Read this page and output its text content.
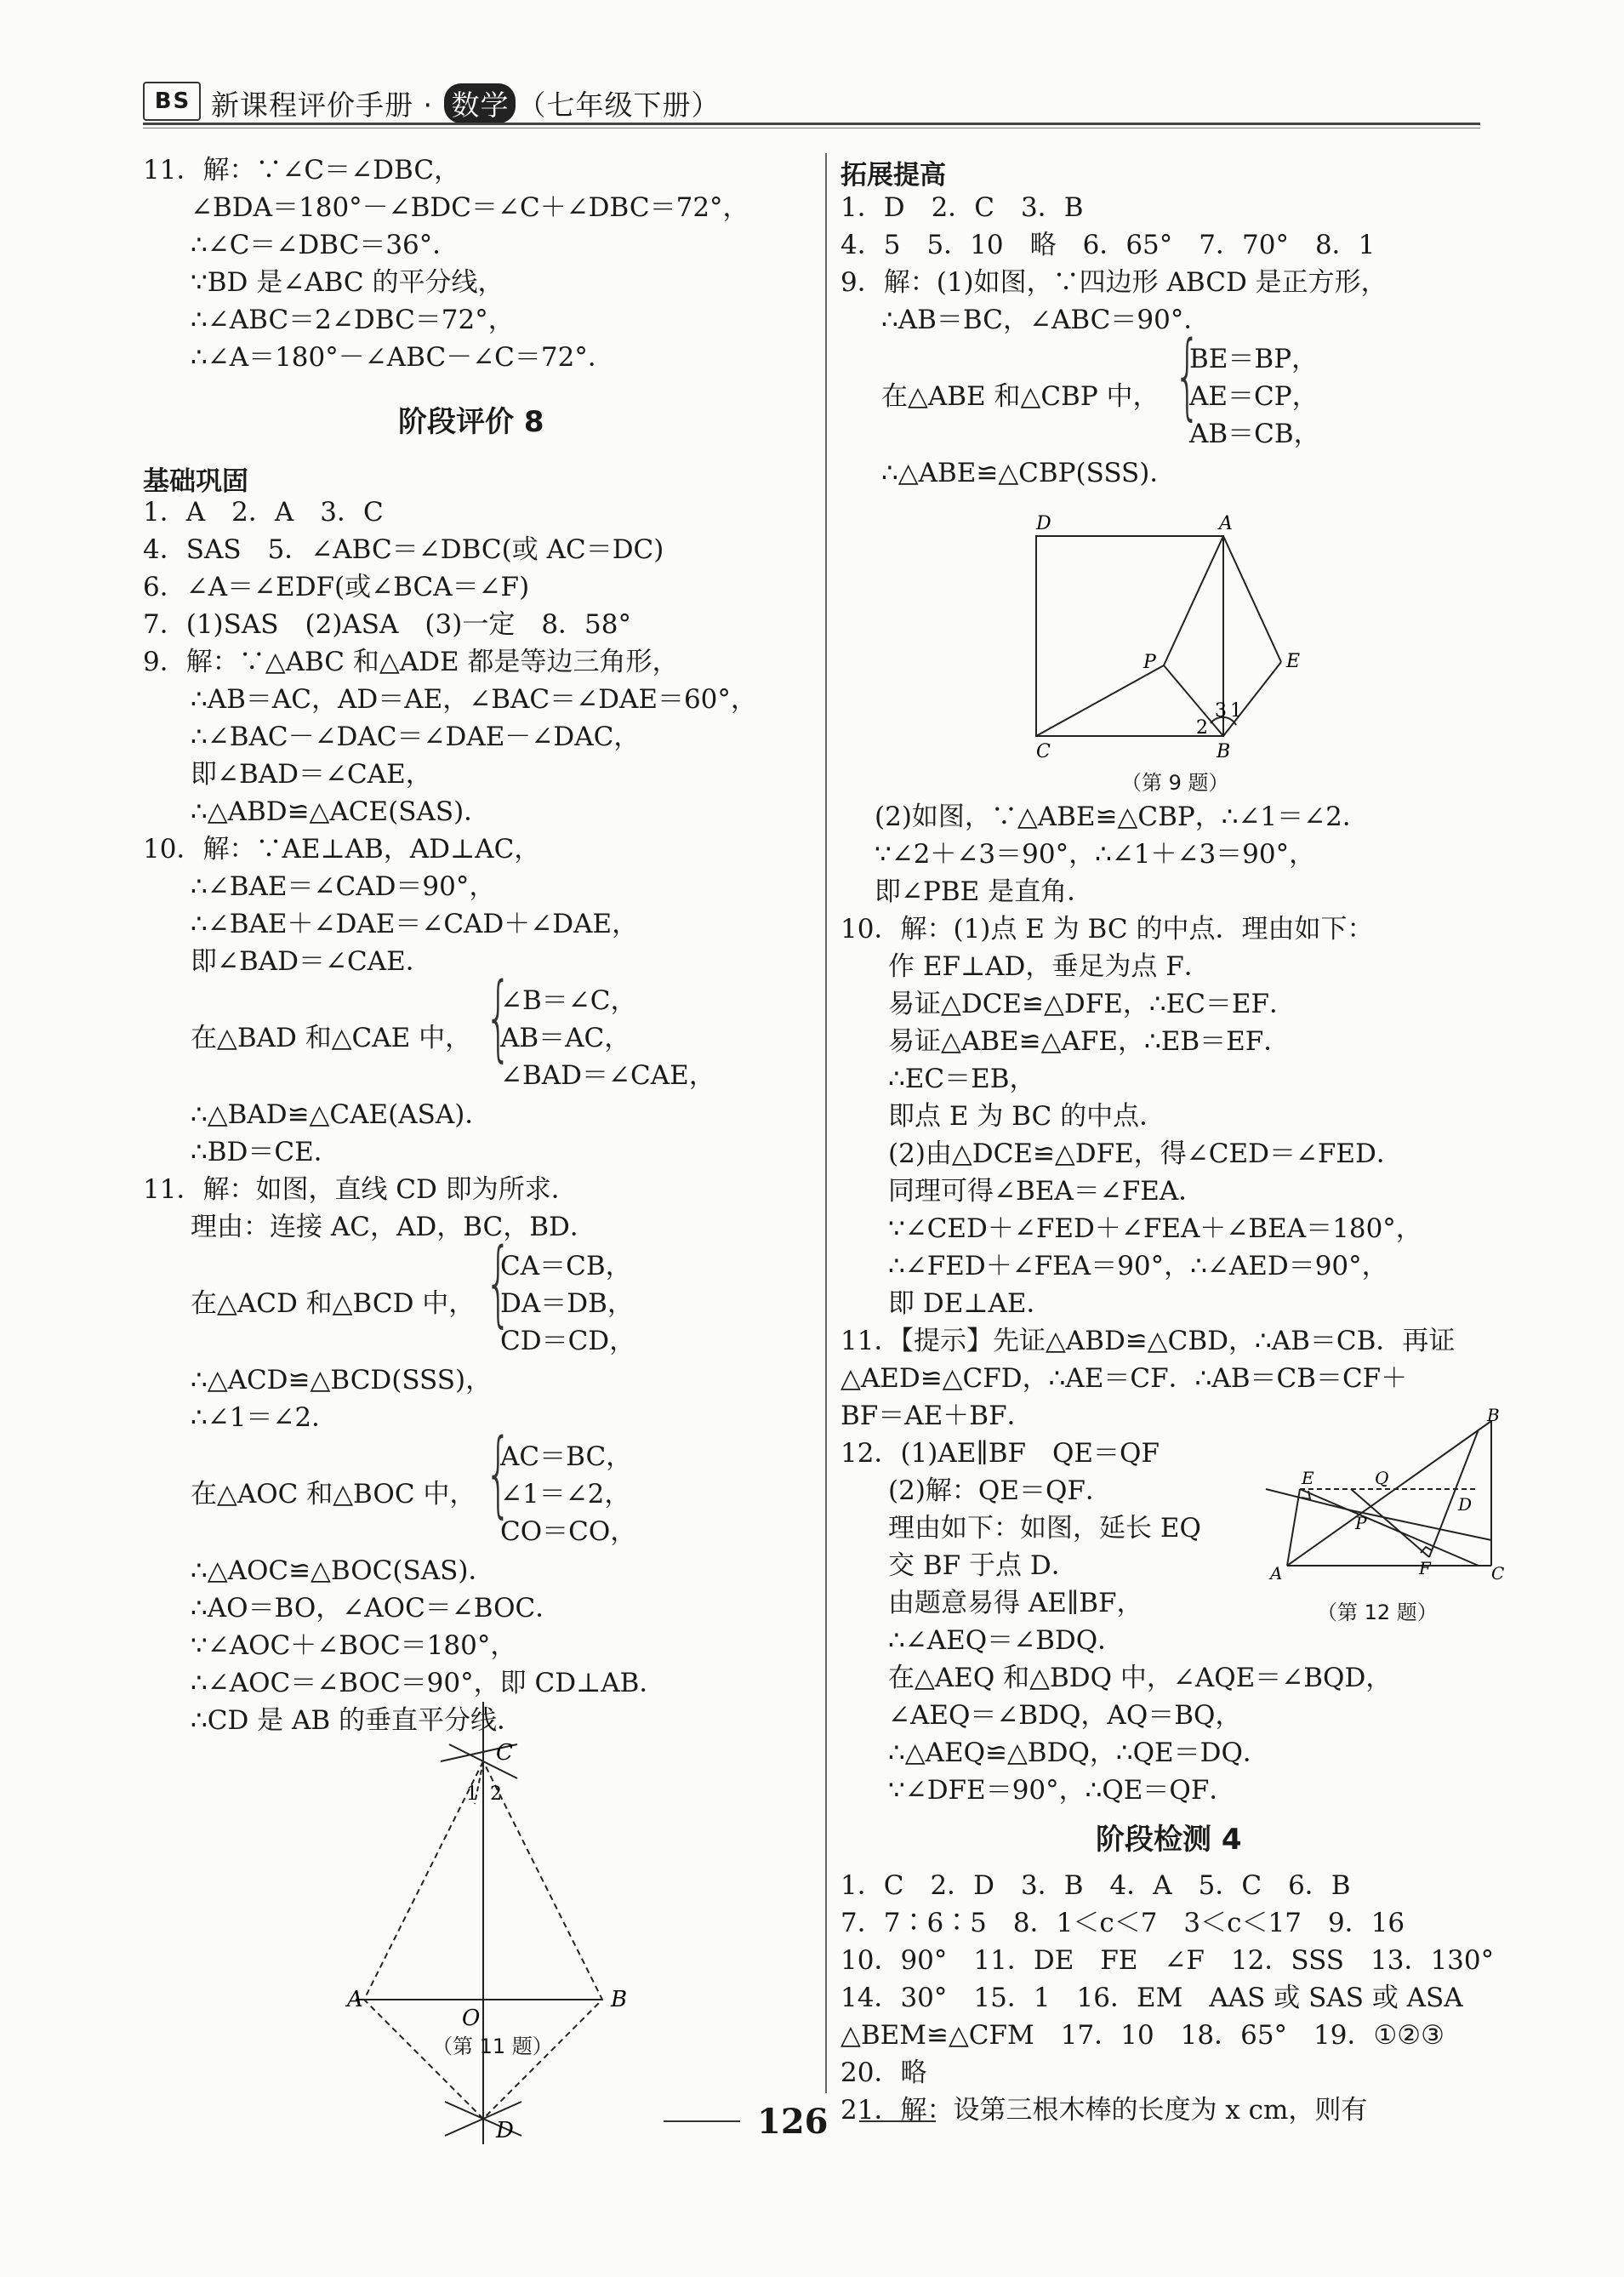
BS 新课程评价手册 · 数学 （七年级下册）
11．解：∵∠C＝∠DBC，
∠BDA＝180°－∠BDC＝∠C＋∠DBC＝72°，
∴∠C＝∠DBC＝36°．
∵BD 是∠ABC 的平分线，
∴∠ABC＝2∠DBC＝72°，
∴∠A＝180°－∠ABC－∠C＝72°．
阶段评价 8
基础巩固
1．A　2．A　3．C
4．SAS　5．∠ABC＝∠DBC(或 AC＝DC)
6．∠A＝∠EDF(或∠BCA＝∠F)
7．(1)SAS　(2)ASA　(3)一定　8．58°
9．解：∵△ABC 和△ADE 都是等边三角形，
∴AB＝AC，AD＝AE，∠BAC＝∠DAE＝60°，
∴∠BAC－∠DAC＝∠DAE－∠DAC，
即∠BAD＝∠CAE，
∴△ABD≌△ACE(SAS)．
10．解：∵AE⊥AB，AD⊥AC，
∴∠BAE＝∠CAD＝90°，
∴∠BAE＋∠DAE＝∠CAD＋∠DAE，
即∠BAD＝∠CAE．
∠B＝∠C，
在△BAD 和△CAE 中， {
AB＝AC，
∠BAD＝∠CAE，
∴△BAD≌△CAE(ASA)．
∴BD＝CE．
11．解：如图，直线 CD 即为所求．
理由：连接 AC，AD，BC，BD．
CA＝CB，
在△ACD 和△BCD 中， {
DA＝DB，
CD＝CD，
∴△ACD≌△BCD(SSS)，
∴∠1＝∠2．
AC＝BC，
在△AOC 和△BOC 中， {
∠1＝∠2，
CO＝CO，
∴△AOC≌△BOC(SAS)．
∴AO＝BO，∠AOC＝∠BOC．
∵∠AOC＋∠BOC＝180°，
∴∠AOC＝∠BOC＝90°，即 CD⊥AB．
∴CD 是 AB 的垂直平分线．
C
A	B
O
D
1 2
（第 11 题）
拓展提高
1．D　2．C　3．B
4．5　5．10　略　6．65°　7．70°　8．1
9．解：(1)如图，∵四边形 ABCD 是正方形，
∴AB＝BC，∠ABC＝90°．
BE＝BP，
在△ABE 和△CBP 中， {
AE＝CP，
AB＝CB，
∴△ABE≌△CBP(SSS)．
D	A
P	E
C	B
1
2
3
（第 9 题）
(2)如图，∵△ABE≌△CBP，∴∠1＝∠2．
∵∠2＋∠3＝90°，∴∠1＋∠3＝90°，
即∠PBE 是直角．
10．解：(1)点 E 为 BC 的中点．理由如下：
作 EF⊥AD，垂足为点 F．
易证△DCE≌△DFE，∴EC＝EF．
易证△ABE≌△AFE，∴EB＝EF．
∴EC＝EB，
即点 E 为 BC 的中点．
(2)由△DCE≌△DFE，得∠CED＝∠FED．
同理可得∠BEA＝∠FEA．
∵∠CED＋∠FED＋∠FEA＋∠BEA＝180°，
∴∠FED＋∠FEA＝90°，∴∠AED＝90°，
即 DE⊥AE．
11．【提示】先证△ABD≌△CBD，∴AB＝CB．再证
△AED≌△CFD，∴AE＝CF．∴AB＝CB＝CF＋
BF＝AE＋BF．
12．(1)AE∥BF　QE＝QF
(2)解：QE＝QF．
理由如下：如图，延长 EQ
交 BF 于点 D．
由题意易得 AE∥BF，
∴∠AEQ＝∠BDQ．
在△AEQ 和△BDQ 中，∠AQE＝∠BQD，
∠AEQ＝∠BDQ，AQ＝BQ，
∴△AEQ≌△BDQ，∴QE＝DQ．
∵∠DFE＝90°，∴QE＝QF．
B
E	Q
D
P
A	F	C
（第 12 题）
阶段检测 4
1．C　2．D　3．B　4．A　5．C　6．B
7．7∶6∶5　8．1＜c＜7　3＜c＜17　9．16
10．90°　11．DE　FE　∠F　12．SSS　13．130°
14．30°　15．1　16．EM　AAS 或 SAS 或 ASA
△BEM≌△CFM　17．10　18．65°　19．①②③
20．略
21．解：设第三根木棒的长度为 x cm，则有
126
